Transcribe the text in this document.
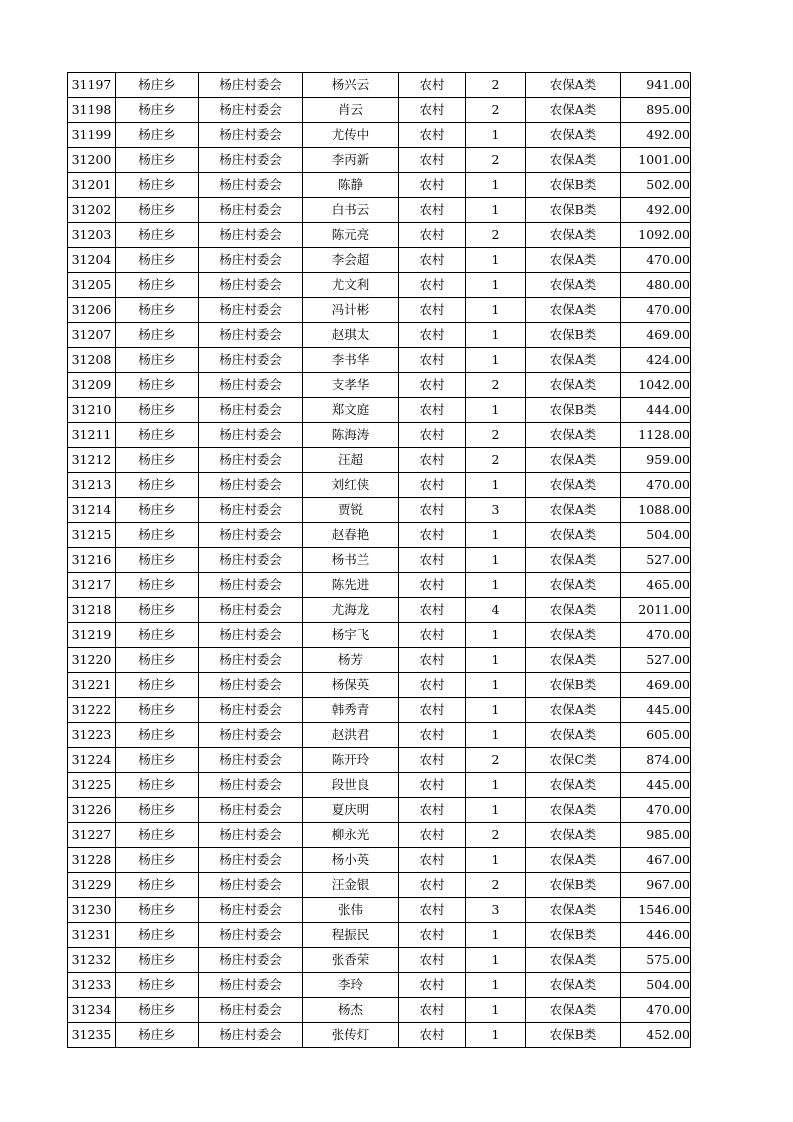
31197	杨庄乡	杨庄村委会	杨兴云	农村	2	农保A类	941.00
31198	杨庄乡	杨庄村委会	肖云	农村	2	农保A类	895.00
31199	杨庄乡	杨庄村委会	尤传中	农村	1	农保A类	492.00
31200	杨庄乡	杨庄村委会	李丙新	农村	2	农保A类	1001.00
31201	杨庄乡	杨庄村委会	陈静	农村	1	农保B类	502.00
31202	杨庄乡	杨庄村委会	白书云	农村	1	农保B类	492.00
31203	杨庄乡	杨庄村委会	陈元亮	农村	2	农保A类	1092.00
31204	杨庄乡	杨庄村委会	李会超	农村	1	农保A类	470.00
31205	杨庄乡	杨庄村委会	尤文利	农村	1	农保A类	480.00
31206	杨庄乡	杨庄村委会	冯计彬	农村	1	农保A类	470.00
31207	杨庄乡	杨庄村委会	赵琪太	农村	1	农保B类	469.00
31208	杨庄乡	杨庄村委会	李书华	农村	1	农保A类	424.00
31209	杨庄乡	杨庄村委会	支孝华	农村	2	农保A类	1042.00
31210	杨庄乡	杨庄村委会	郑文庭	农村	1	农保B类	444.00
31211	杨庄乡	杨庄村委会	陈海涛	农村	2	农保A类	1128.00
31212	杨庄乡	杨庄村委会	汪超	农村	2	农保A类	959.00
31213	杨庄乡	杨庄村委会	刘红侠	农村	1	农保A类	470.00
31214	杨庄乡	杨庄村委会	贾锐	农村	3	农保A类	1088.00
31215	杨庄乡	杨庄村委会	赵春艳	农村	1	农保A类	504.00
31216	杨庄乡	杨庄村委会	杨书兰	农村	1	农保A类	527.00
31217	杨庄乡	杨庄村委会	陈先进	农村	1	农保A类	465.00
31218	杨庄乡	杨庄村委会	尤海龙	农村	4	农保A类	2011.00
31219	杨庄乡	杨庄村委会	杨宇飞	农村	1	农保A类	470.00
31220	杨庄乡	杨庄村委会	杨芳	农村	1	农保A类	527.00
31221	杨庄乡	杨庄村委会	杨保英	农村	1	农保B类	469.00
31222	杨庄乡	杨庄村委会	韩秀青	农村	1	农保A类	445.00
31223	杨庄乡	杨庄村委会	赵洪君	农村	1	农保A类	605.00
31224	杨庄乡	杨庄村委会	陈开玲	农村	2	农保C类	874.00
31225	杨庄乡	杨庄村委会	段世良	农村	1	农保A类	445.00
31226	杨庄乡	杨庄村委会	夏庆明	农村	1	农保A类	470.00
31227	杨庄乡	杨庄村委会	柳永光	农村	2	农保A类	985.00
31228	杨庄乡	杨庄村委会	杨小英	农村	1	农保A类	467.00
31229	杨庄乡	杨庄村委会	汪金银	农村	2	农保B类	967.00
31230	杨庄乡	杨庄村委会	张伟	农村	3	农保A类	1546.00
31231	杨庄乡	杨庄村委会	程振民	农村	1	农保B类	446.00
31232	杨庄乡	杨庄村委会	张香荣	农村	1	农保A类	575.00
31233	杨庄乡	杨庄村委会	李玲	农村	1	农保A类	504.00
31234	杨庄乡	杨庄村委会	杨杰	农村	1	农保A类	470.00
31235	杨庄乡	杨庄村委会	张传灯	农村	1	农保B类	452.00
